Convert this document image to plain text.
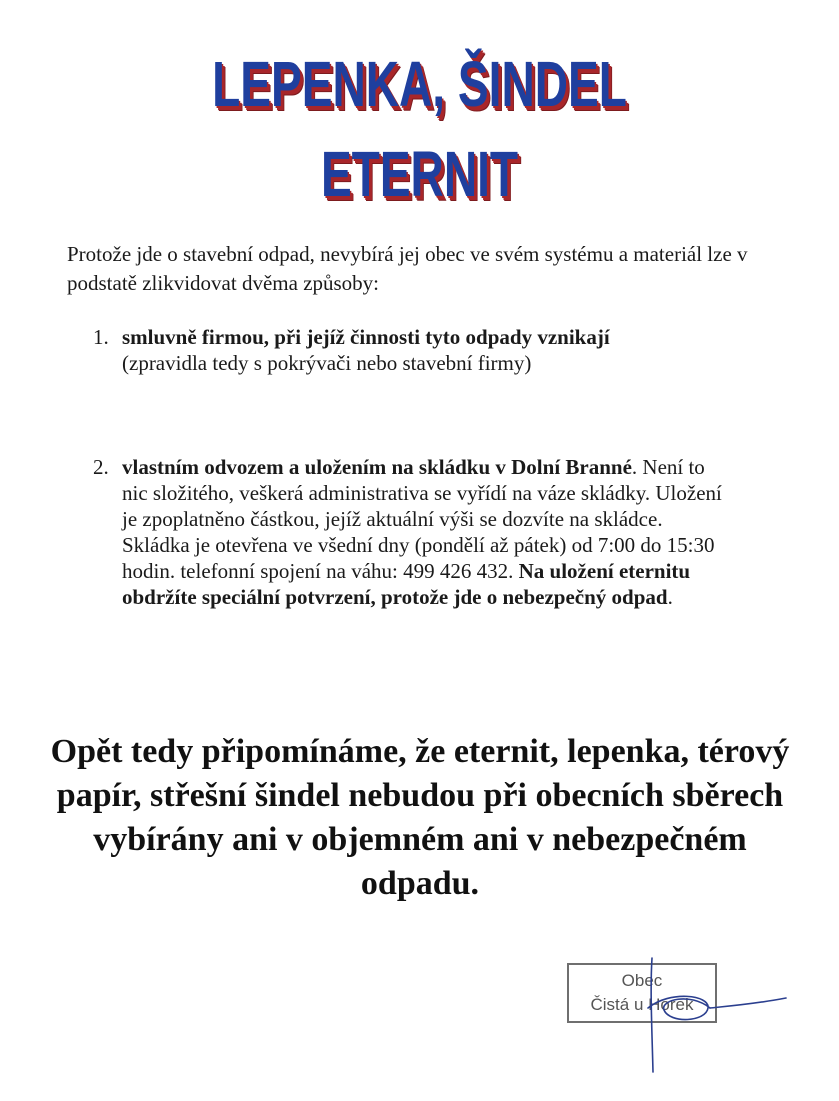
LEPENKA, ŠINDEL
ETERNIT

Protože jde o stavební odpad, nevybírá jej obec ve svém systému a materiál lze v podstatě zlikvidovat dvěma způsoby:

1. smluvně firmou, při jejíž činnosti tyto odpady vznikají
(zpravidla tedy s pokrývači nebo stavební firmy)
2. vlastním odvozem a uložením na skládku v Dolní Branné. Není to nic složitého, veškerá administrativa se vyřídí na váze skládky. Uložení je zpoplatněno částkou, jejíž aktuální výši se dozvíte na skládce. Skládka je otevřena ve všední dny (pondělí až pátek) od 7:00 do 15:30 hodin. telefonní spojení na váhu: 499 426 432. Na uložení eternitu obdržíte speciální potvrzení, protože jde o nebezpečný odpad.

Opět tedy připomínáme, že eternit, lepenka, térový papír, střešní šindel nebudou při obecních sběrech vybírány ani v objemném ani v nebezpečném odpadu.

Obec
Čistá u Horek
